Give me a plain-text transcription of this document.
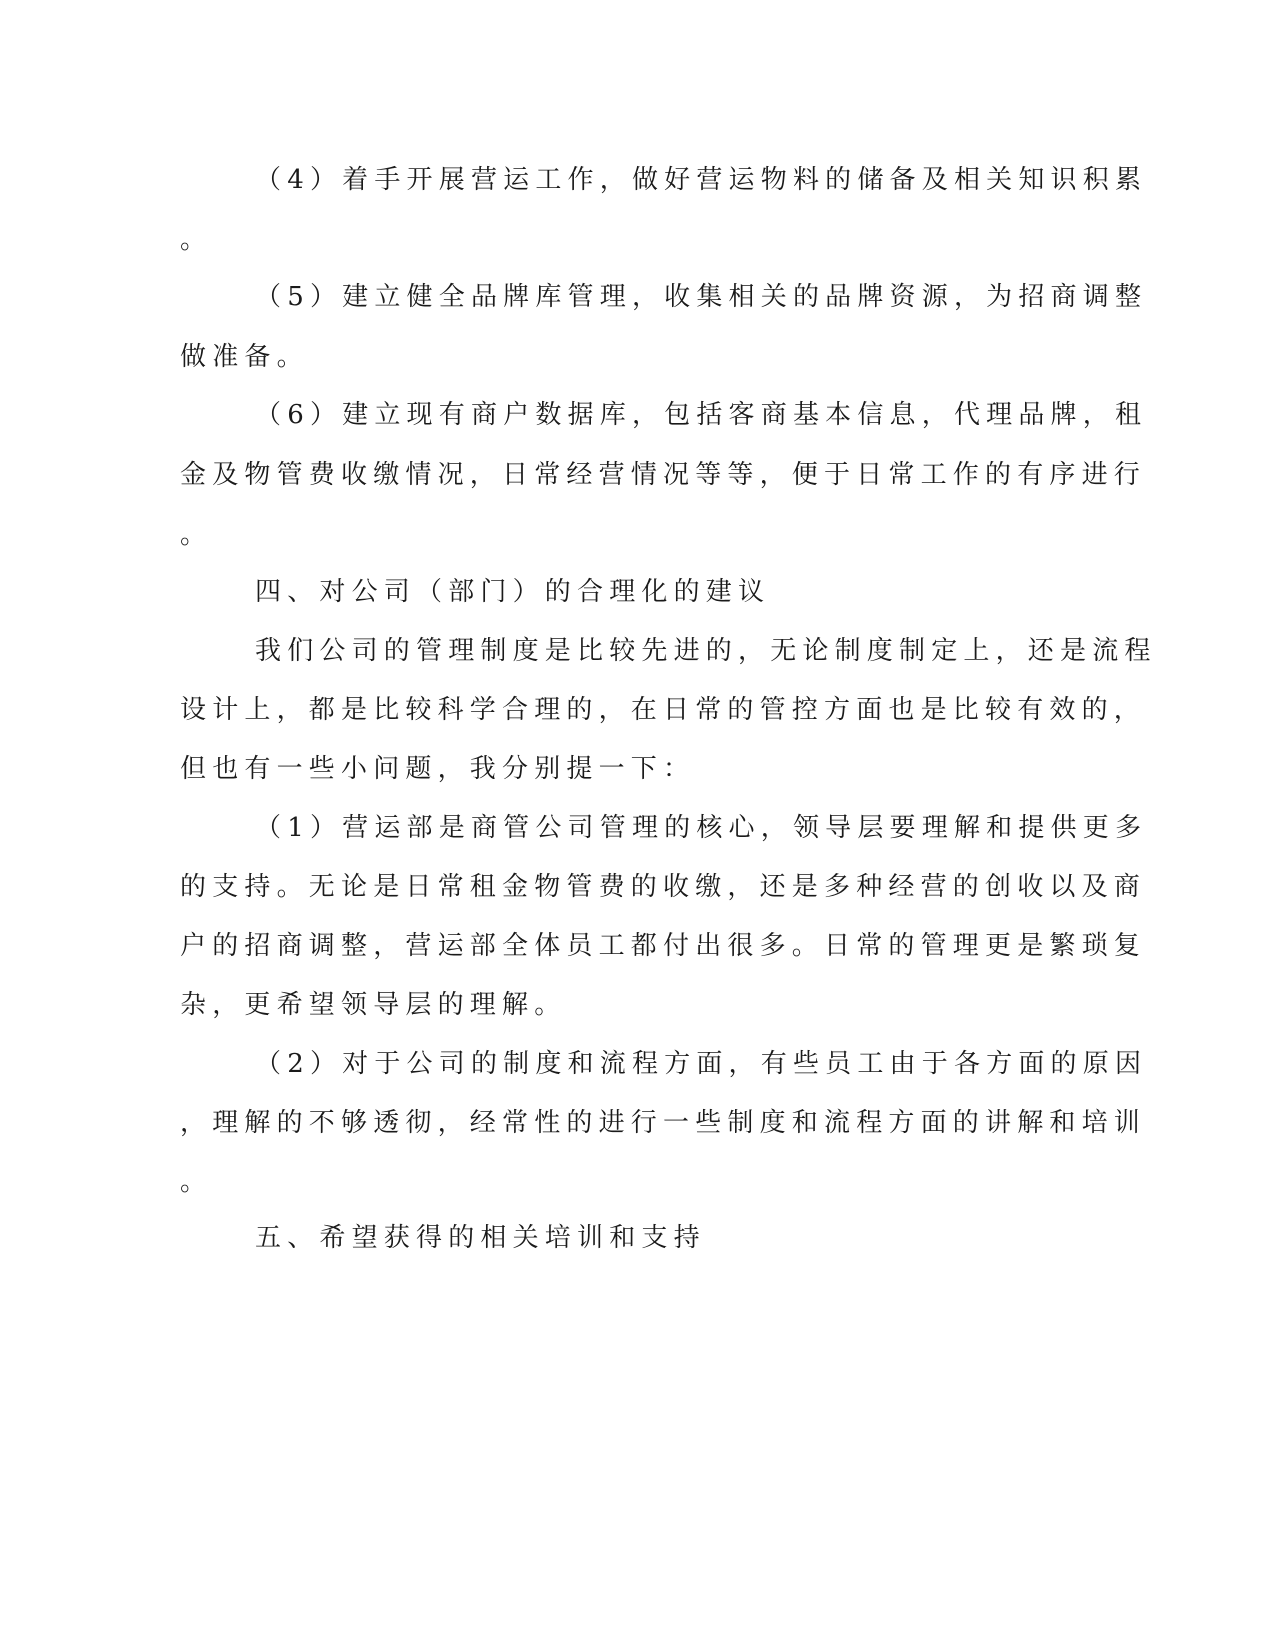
（4）着手开展营运工作，做好营运物料的储备及相关知识积累
。
（5）建立健全品牌库管理，收集相关的品牌资源，为招商调整
做准备。
（6）建立现有商户数据库，包括客商基本信息，代理品牌，租
金及物管费收缴情况，日常经营情况等等，便于日常工作的有序进行
。
四、对公司（部门）的合理化的建议
我们公司的管理制度是比较先进的，无论制度制定上，还是流程
设计上，都是比较科学合理的，在日常的管控方面也是比较有效的，
但也有一些小问题，我分别提一下：
（1）营运部是商管公司管理的核心，领导层要理解和提供更多
的支持。无论是日常租金物管费的收缴，还是多种经营的创收以及商
户的招商调整，营运部全体员工都付出很多。日常的管理更是繁琐复
杂，更希望领导层的理解。
（2）对于公司的制度和流程方面，有些员工由于各方面的原因
，理解的不够透彻，经常性的进行一些制度和流程方面的讲解和培训
。
五、希望获得的相关培训和支持
